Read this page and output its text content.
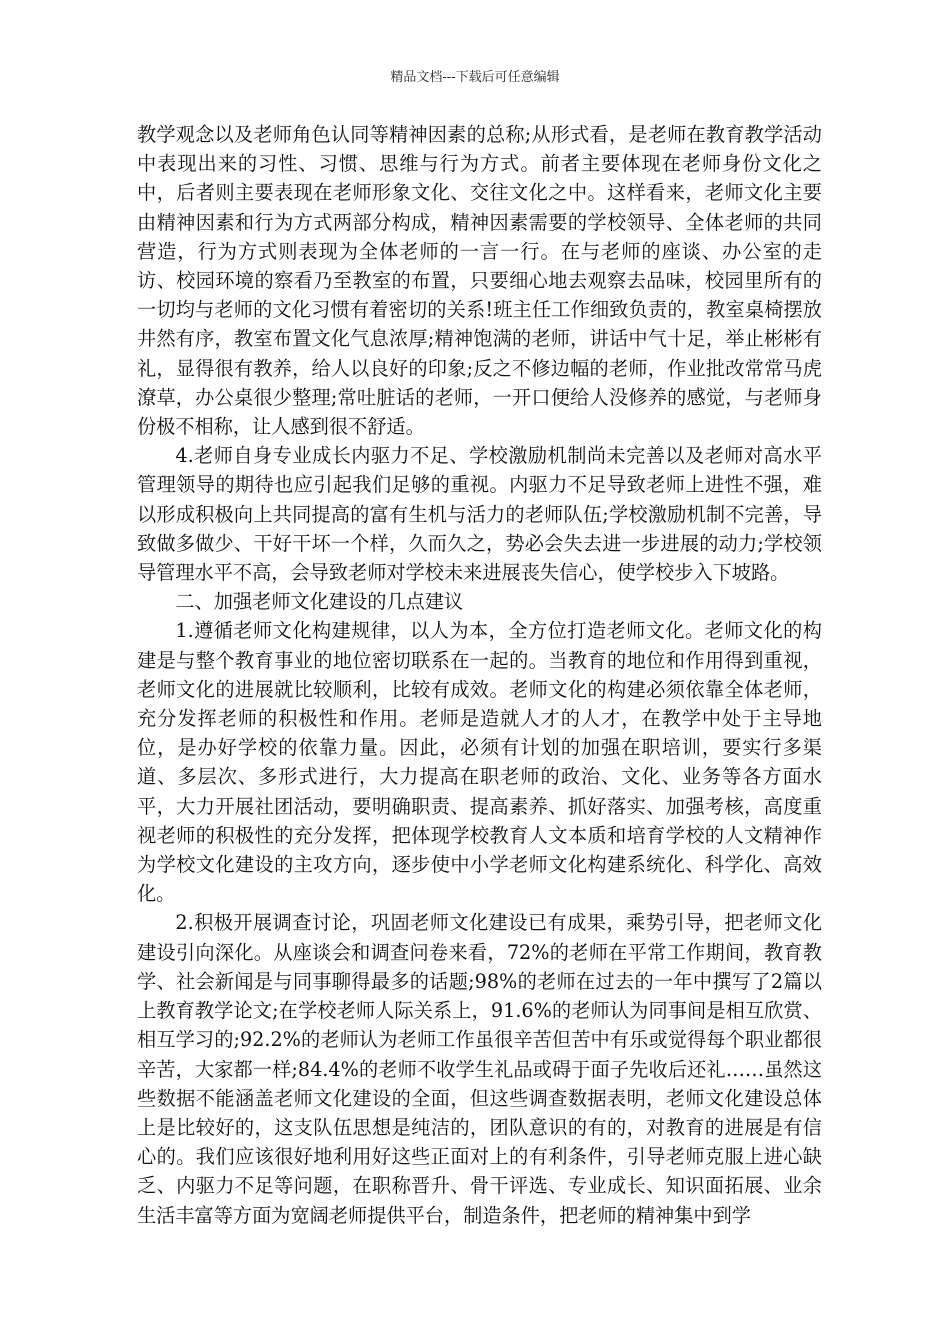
精品文档---下载后可任意编辑

教学观念以及老师角色认同等精神因素的总称;从形式看，是老师在教育教学活动中表现出来的习性、习惯、思维与行为方式。前者主要体现在老师身份文化之中，后者则主要表现在老师形象文化、交往文化之中。这样看来，老师文化主要由精神因素和行为方式两部分构成，精神因素需要的学校领导、全体老师的共同营造，行为方式则表现为全体老师的一言一行。在与老师的座谈、办公室的走访、校园环境的察看乃至教室的布置，只要细心地去观察去品味，校园里所有的一切均与老师的文化习惯有着密切的关系!班主任工作细致负责的，教室桌椅摆放井然有序，教室布置文化气息浓厚;精神饱满的老师，讲话中气十足，举止彬彬有礼，显得很有教养，给人以良好的印象;反之不修边幅的老师，作业批改常常马虎潦草，办公桌很少整理;常吐脏话的老师，一开口便给人没修养的感觉，与老师身份极不相称，让人感到很不舒适。

4.老师自身专业成长内驱力不足、学校激励机制尚未完善以及老师对高水平管理领导的期待也应引起我们足够的重视。内驱力不足导致老师上进性不强，难以形成积极向上共同提高的富有生机与活力的老师队伍;学校激励机制不完善，导致做多做少、干好干坏一个样，久而久之，势必会失去进一步进展的动力;学校领导管理水平不高，会导致老师对学校未来进展丧失信心，使学校步入下坡路。

二、加强老师文化建设的几点建议

1.遵循老师文化构建规律，以人为本，全方位打造老师文化。老师文化的构建是与整个教育事业的地位密切联系在一起的。当教育的地位和作用得到重视，老师文化的进展就比较顺利，比较有成效。老师文化的构建必须依靠全体老师，充分发挥老师的积极性和作用。老师是造就人才的人才，在教学中处于主导地位，是办好学校的依靠力量。因此，必须有计划的加强在职培训，要实行多渠道、多层次、多形式进行，大力提高在职老师的政治、文化、业务等各方面水平，大力开展社团活动，要明确职责、提高素养、抓好落实、加强考核，高度重视老师的积极性的充分发挥，把体现学校教育人文本质和培育学校的人文精神作为学校文化建设的主攻方向，逐步使中小学老师文化构建系统化、科学化、高效化。

2.积极开展调查讨论，巩固老师文化建设已有成果，乘势引导，把老师文化建设引向深化。从座谈会和调查问卷来看，72%的老师在平常工作期间，教育教学、社会新闻是与同事聊得最多的话题;98%的老师在过去的一年中撰写了2篇以上教育教学论文;在学校老师人际关系上，91.6%的老师认为同事间是相互欣赏、相互学习的;92.2%的老师认为老师工作虽很辛苦但苦中有乐或觉得每个职业都很辛苦，大家都一样;84.4%的老师不收学生礼品或碍于面子先收后还礼……虽然这些数据不能涵盖老师文化建设的全面，但这些调查数据表明，老师文化建设总体上是比较好的，这支队伍思想是纯洁的，团队意识的有的，对教育的进展是有信心的。我们应该很好地利用好这些正面对上的有利条件，引导老师克服上进心缺乏、内驱力不足等问题，在职称晋升、骨干评选、专业成长、知识面拓展、业余生活丰富等方面为宽阔老师提供平台，制造条件，把老师的精神集中到学
